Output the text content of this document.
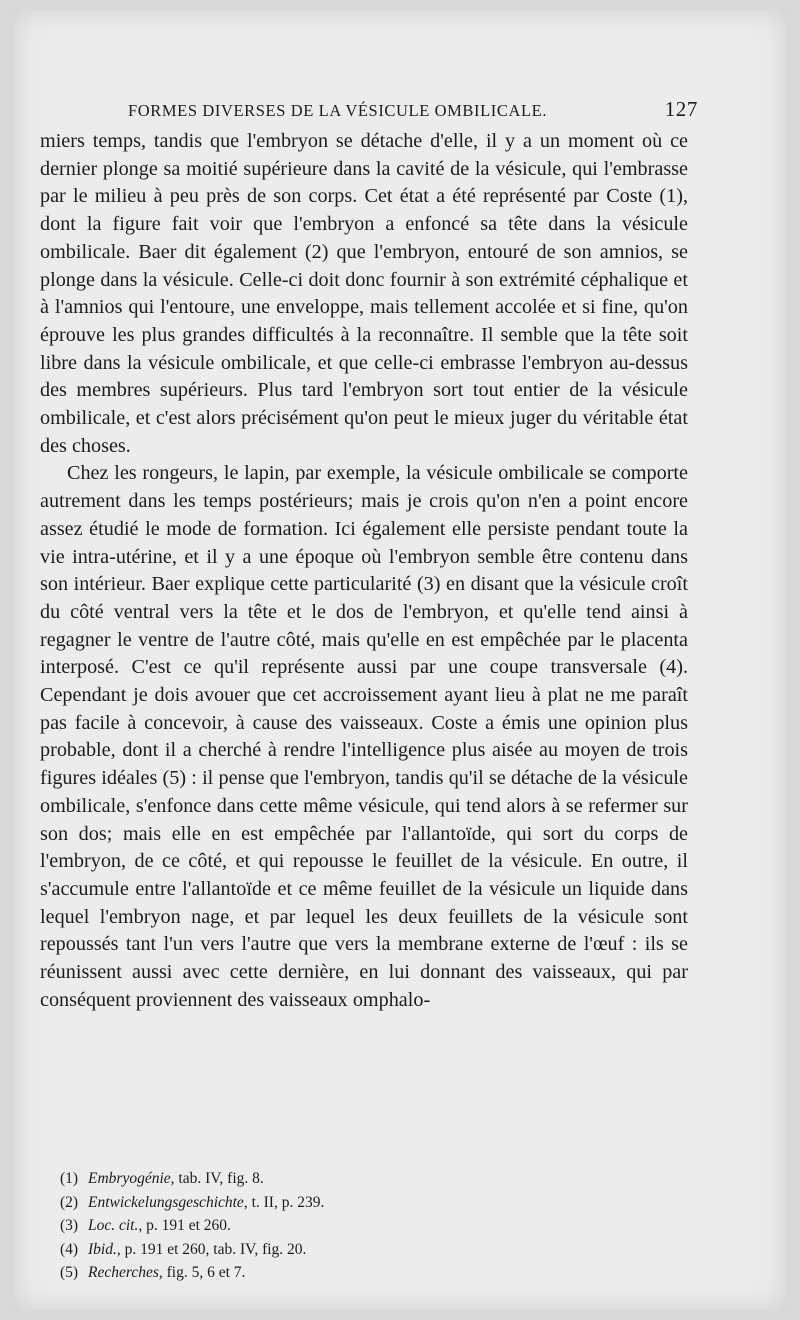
FORMES DIVERSES DE LA VÉSICULE OMBILICALE.	127

miers temps, tandis que l'embryon se détache d'elle, il y a un moment où ce dernier plonge sa moitié supérieure dans la cavité de la vésicule, qui l'embrasse par le milieu à peu près de son corps. Cet état a été représenté par Coste (1), dont la figure fait voir que l'embryon a enfoncé sa tête dans la vésicule ombilicale. Baer dit également (2) que l'embryon, entouré de son amnios, se plonge dans la vésicule. Celle-ci doit donc fournir à son extrémité céphalique et à l'amnios qui l'entoure, une enveloppe, mais tellement accolée et si fine, qu'on éprouve les plus grandes difficultés à la reconnaître. Il semble que la tête soit libre dans la vésicule ombilicale, et que celle-ci embrasse l'embryon au-dessus des membres supérieurs. Plus tard l'embryon sort tout entier de la vésicule ombilicale, et c'est alors précisément qu'on peut le mieux juger du véritable état des choses.

Chez les rongeurs, le lapin, par exemple, la vésicule ombilicale se comporte autrement dans les temps postérieurs; mais je crois qu'on n'en a point encore assez étudié le mode de formation. Ici également elle persiste pendant toute la vie intra-utérine, et il y a une époque où l'embryon semble être contenu dans son intérieur. Baer explique cette particularité (3) en disant que la vésicule croît du côté ventral vers la tête et le dos de l'embryon, et qu'elle tend ainsi à regagner le ventre de l'autre côté, mais qu'elle en est empêchée par le placenta interposé. C'est ce qu'il représente aussi par une coupe transversale (4). Cependant je dois avouer que cet accroissement ayant lieu à plat ne me paraît pas facile à concevoir, à cause des vaisseaux. Coste a émis une opinion plus probable, dont il a cherché à rendre l'intelligence plus aisée au moyen de trois figures idéales (5) : il pense que l'embryon, tandis qu'il se détache de la vésicule ombilicale, s'enfonce dans cette même vésicule, qui tend alors à se refermer sur son dos; mais elle en est empêchée par l'allantoïde, qui sort du corps de l'embryon, de ce côté, et qui repousse le feuillet de la vésicule. En outre, il s'accumule entre l'allantoïde et ce même feuillet de la vésicule un liquide dans lequel l'embryon nage, et par lequel les deux feuillets de la vésicule sont repoussés tant l'un vers l'autre que vers la membrane externe de l'œuf : ils se réunissent aussi avec cette dernière, en lui donnant des vaisseaux, qui par conséquent proviennent des vaisseaux omphalo-

(1) Embryogénie, tab. IV, fig. 8.
(2) Entwickelungsgeschichte, t. II, p. 239.
(3) Loc. cit., p. 191 et 260.
(4) Ibid., p. 191 et 260, tab. IV, fig. 20.
(5) Recherches, fig. 5, 6 et 7.
